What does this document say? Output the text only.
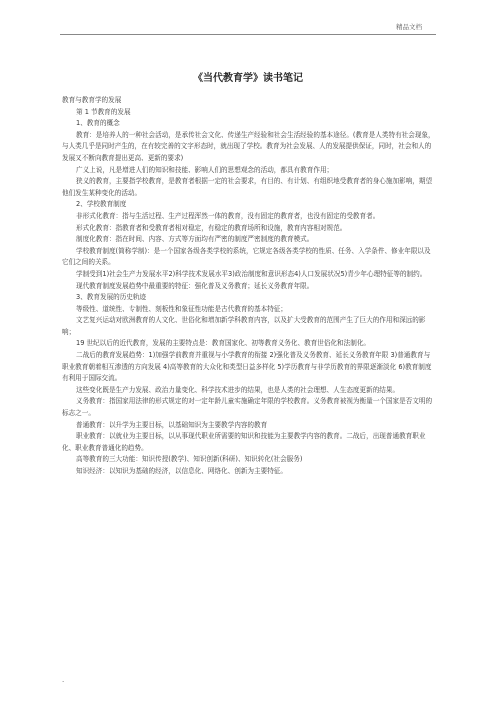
精品文档
《当代教育学》读书笔记

教育与教育学的发展

第 1 节教育的发展

1、教育的概念

教育：是培养人的一种社会活动，是承传社会文化、传递生产经验和社会生活经验的基本途径。(教育是人类特有社会现象，与人类几乎是同时产生的，在有较完善的文字形态时，就出现了学校。教育为社会发展、人的发展提供保证，同时，社会和人的发展又不断向教育提出更高、更新的要求)

广义上说，凡是增进人们的知识和技能、影响人们的思想观念的活动，都具有教育作用；

狭义的教育，主要指学校教育，是教育者根据一定的社会要求，有目的、有计划、有组织地受教育者的身心施加影响，期望他们发生某种变化的活动。

2、学校教育制度

非形式化教育：指与生活过程、生产过程浑然一体的教育，没有固定的教育者，也没有固定的受教育者。

形式化教育：指教育者和受教育者相对稳定，有稳定的教育场所和设施，教育内容相对规范。

制度化教育：指在时间、内容、方式等方面均有严密的制度严密制度的教育模式。

学校教育制度(简称学制)：是一个国家各级各类学校的系统，它规定各级各类学校的性质、任务、入学条件、修业年限以及它们之间的关系。

学制受到1)社会生产力发展水平2)科学技术发展水平3)政治制度和意识形态4)人口发展状况5)青少年心理特征等的制约。

现代教育制度发展趋势中最重要的特征：强化普及义务教育；延长义务教育年限。

3、教育发展的历史轨迹

等级性、道统性、专制性、刻板性和象征性功能是古代教育的基本特征；

文艺复兴运动对欧洲教育的人文化、世俗化和增加新学科教育内容，以及扩大受教育的范围产生了巨大的作用和深远的影响；

19 世纪以后的近代教育，发展的主要特点是：教育国家化、初等教育义务化、教育世俗化和法制化。

二战后的教育发展趋势：1)加强学前教育并重视与小学教育的衔接 2)强化普及义务教育、延长义务教育年限 3)普通教育与职业教育朝着相互渗透的方向发展 4)高等教育的大众化和类型日益多样化 5)学历教育与非学历教育的界限逐渐淡化 6)教育制度有利用于国际交流。

这些变化既是生产力发展、政治力量变化、科学技术进步的结果，也是人类的社会理想、人生态度更新的结果。

义务教育：指国家用法律的形式规定的对一定年龄儿童实施确定年限的学校教育。义务教育被视为衡量一个国家是否文明的标志之一。

普通教育：以升学为主要目标，以基础知识为主要教学内容的教育

职业教育：以就业为主要目标，以从事现代职业所需要的知识和技能为主要教学内容的教育。二战后，出现普通教育职业化、职业教育普通化的趋势。

高等教育的三大功能：知识传授(教学)、知识创新(科研)、知识转化(社会服务)

知识经济：以知识为基础的经济，以信息化、网络化、创新为主要特征。

.
